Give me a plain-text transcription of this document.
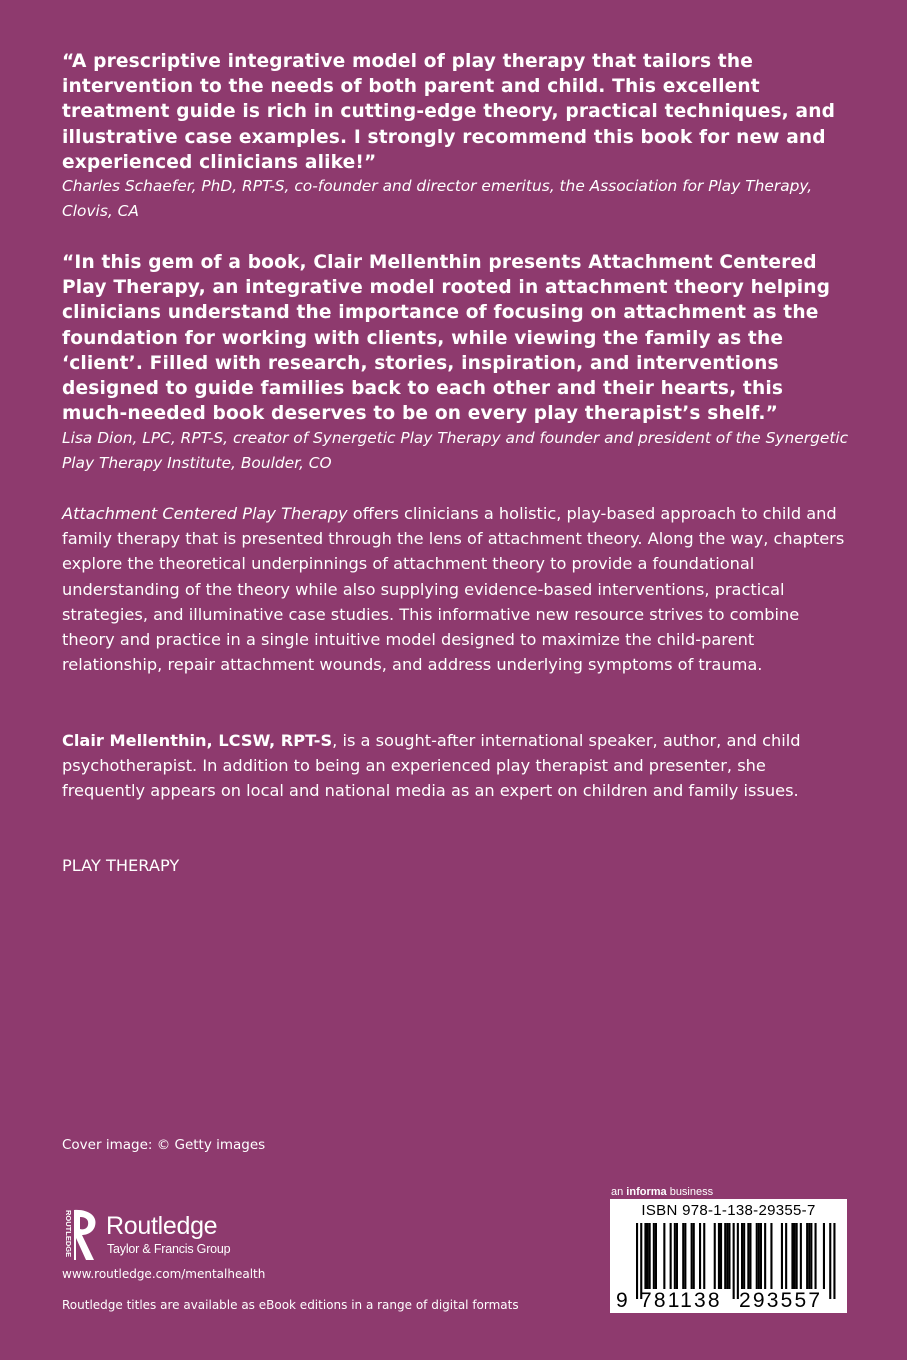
“A prescriptive integrative model of play therapy that tailors the intervention to the needs of both parent and child. This excellent treatment guide is rich in cutting-edge theory, practical techniques, and illustrative case examples. I strongly recommend this book for new and experienced clinicians alike!”
Charles Schaefer, PhD, RPT-S, co-founder and director emeritus, the Association for Play Therapy, Clovis, CA
“In this gem of a book, Clair Mellenthin presents Attachment Centered Play Therapy, an integrative model rooted in attachment theory helping clinicians understand the importance of focusing on attachment as the foundation for working with clients, while viewing the family as the ‘client’. Filled with research, stories, inspiration, and interventions designed to guide families back to each other and their hearts, this much-needed book deserves to be on every play therapist’s shelf.”
Lisa Dion, LPC, RPT-S, creator of Synergetic Play Therapy and founder and president of the Synergetic Play Therapy Institute, Boulder, CO
Attachment Centered Play Therapy offers clinicians a holistic, play-based approach to child and family therapy that is presented through the lens of attachment theory. Along the way, chapters explore the theoretical underpinnings of attachment theory to provide a foundational understanding of the theory while also supplying evidence-based interventions, practical strategies, and illuminative case studies. This informative new resource strives to combine theory and practice in a single intuitive model designed to maximize the child-parent relationship, repair attachment wounds, and address underlying symptoms of trauma.
Clair Mellenthin, LCSW, RPT-S, is a sought-after international speaker, author, and child psychotherapist. In addition to being an experienced play therapist and presenter, she frequently appears on local and national media as an expert on children and family issues.
PLAY THERAPY
Cover image: © Getty images
ROUTLEDGE Routledge
Taylor & Francis Group
www.routledge.com/mentalhealth
Routledge titles are available as eBook editions in a range of digital formats
an informa business
ISBN 978-1-138-29355-7
9 781138 293557
